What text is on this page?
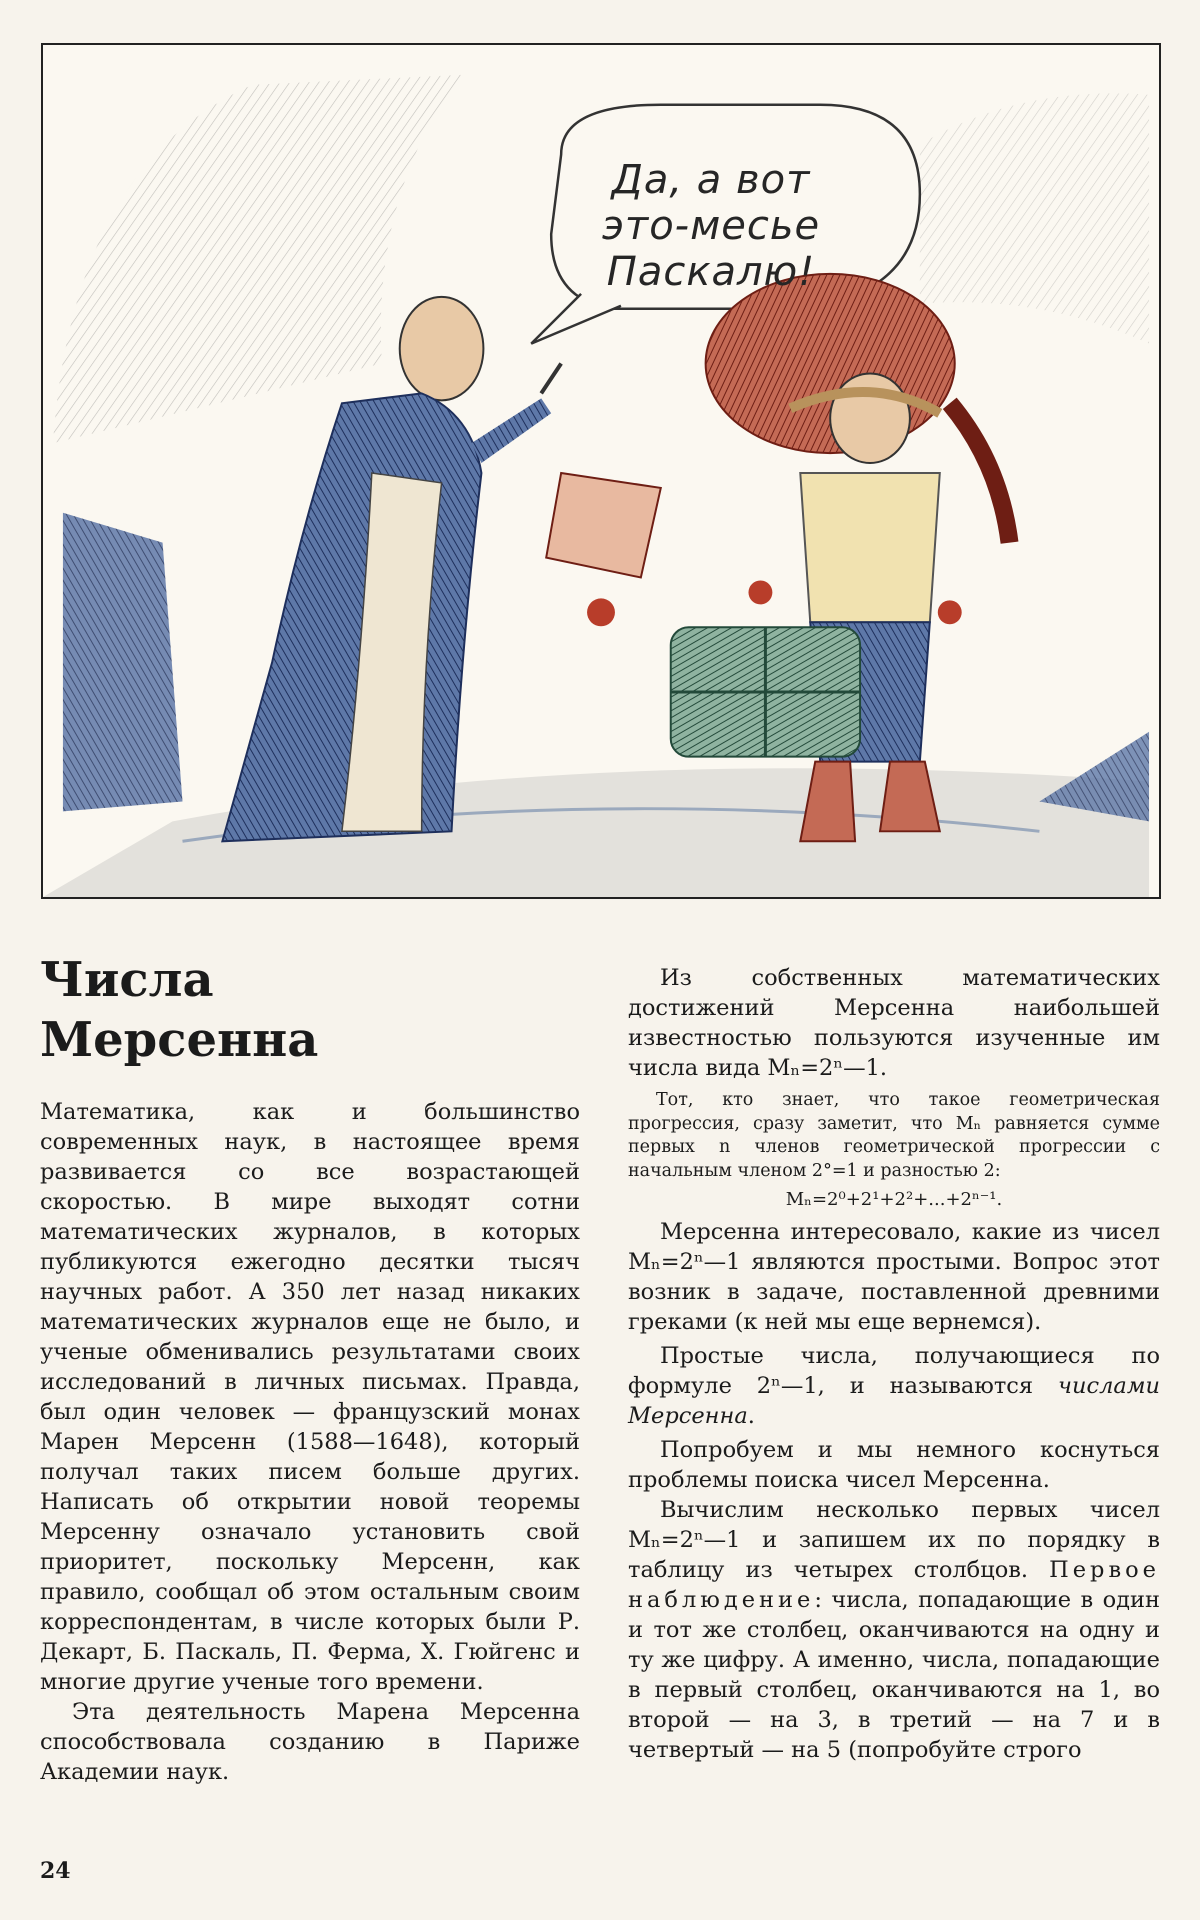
Да, а вот
это-месье
Паскалю!
Числа
Мерсенна

Математика, как и большинство современных наук, в настоящее время развивается со все возрастающей скоростью. В мире выходят сотни математических журналов, в которых публикуются ежегодно десятки тысяч научных работ. А 350 лет назад никаких математических журналов еще не было, и ученые обменивались результатами своих исследований в личных письмах. Правда, был один человек — французский монах Марен Мерсенн (1588—1648), который получал таких писем больше других. Написать об открытии новой теоремы Мерсенну означало установить свой приоритет, поскольку Мерсенн, как правило, сообщал об этом остальным своим корреспондентам, в числе которых были Р. Декарт, Б. Паскаль, П. Ферма, Х. Гюйгенс и многие другие ученые того времени.

Эта деятельность Марена Мерсенна способствовала созданию в Париже Академии наук.

Из собственных математических достижений Мерсенна наибольшей известностью пользуются изученные им числа вида Mₙ=2ⁿ—1.

Тот, кто знает, что такое геометрическая прогрессия, сразу заметит, что Mₙ равняется сумме первых n членов геометрической прогрессии с начальным членом 2°=1 и разностью 2:

Mₙ=2⁰+2¹+2²+...+2ⁿ⁻¹.

Мерсенна интересовало, какие из чисел Mₙ=2ⁿ—1 являются простыми. Вопрос этот возник в задаче, поставленной древними греками (к ней мы еще вернемся).

Простые числа, получающиеся по формуле 2ⁿ—1, и называются числами Мерсенна.

Попробуем и мы немного коснуться проблемы поиска чисел Мерсенна.

Вычислим несколько первых чисел Mₙ=2ⁿ—1 и запишем их по порядку в таблицу из четырех столбцов. Первое наблюдение: числа, попадающие в один и тот же столбец, оканчиваются на одну и ту же цифру. А именно, числа, попадающие в первый столбец, оканчиваются на 1, во второй — на 3, в третий — на 7 и в четвертый — на 5 (попробуйте строго

24
